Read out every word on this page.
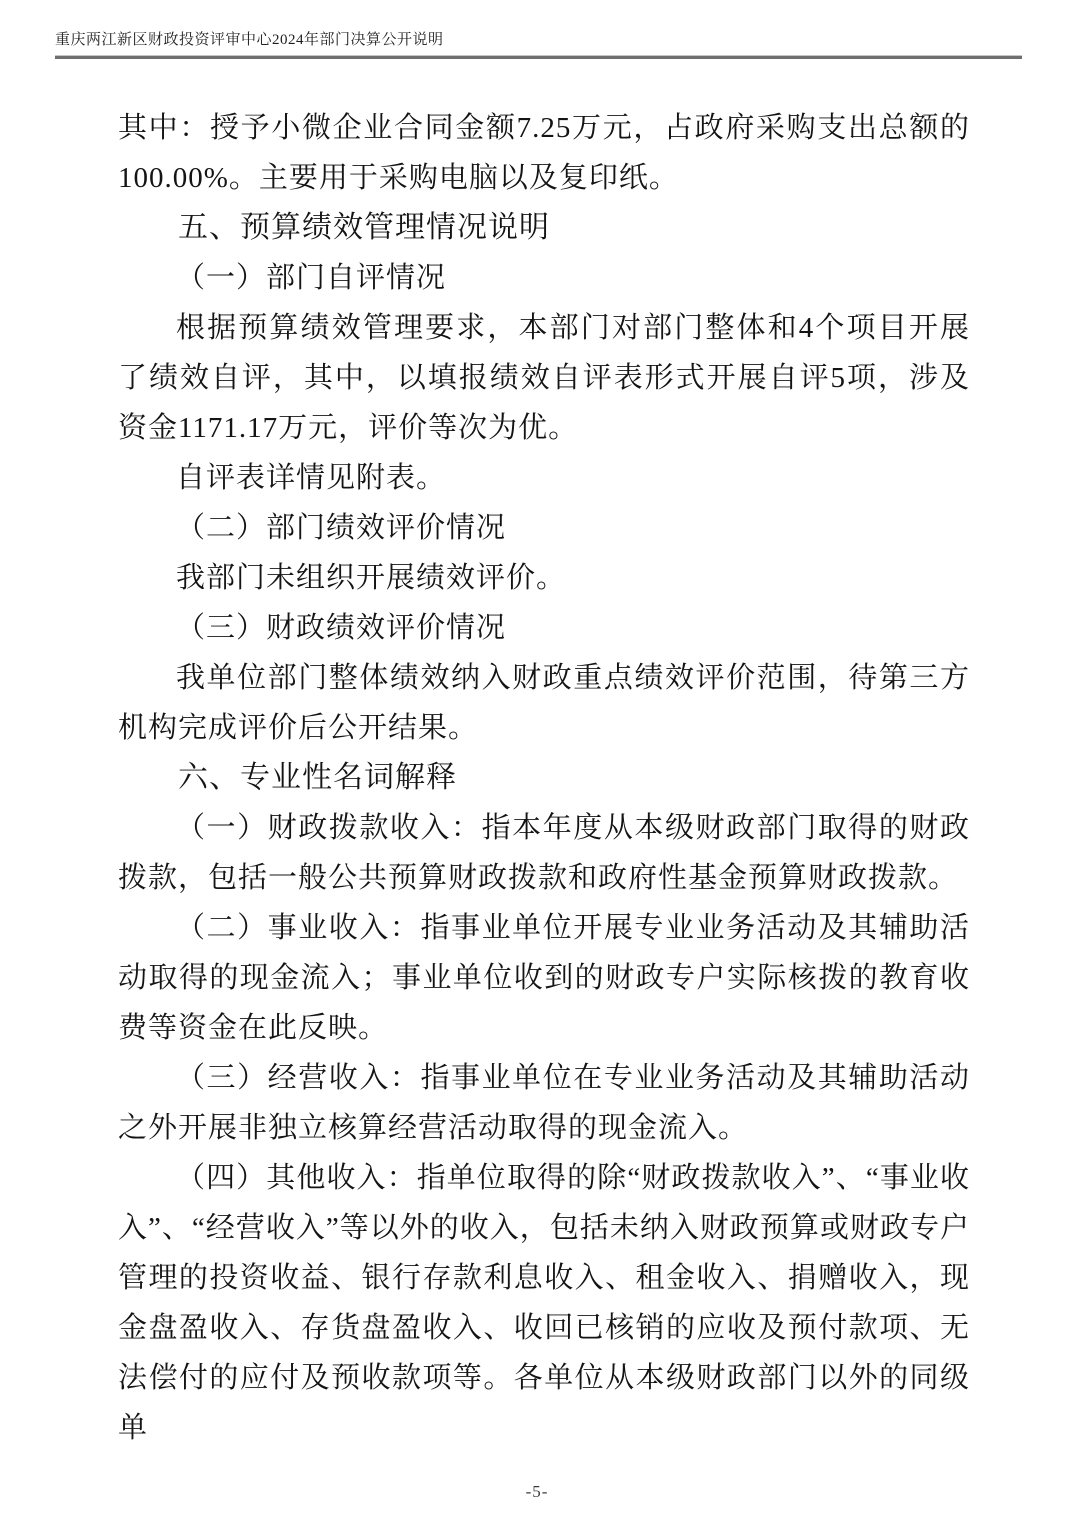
重庆两江新区财政投资评审中心2024年部门决算公开说明

其中：授予小微企业合同金额7.25万元，占政府采购支出总额的100.00%。主要用于采购电脑以及复印纸。

五、预算绩效管理情况说明

（一）部门自评情况

根据预算绩效管理要求，本部门对部门整体和4个项目开展了绩效自评，其中，以填报绩效自评表形式开展自评5项，涉及资金1171.17万元，评价等次为优。

自评表详情见附表。

（二）部门绩效评价情况

我部门未组织开展绩效评价。

（三）财政绩效评价情况

我单位部门整体绩效纳入财政重点绩效评价范围，待第三方机构完成评价后公开结果。

六、专业性名词解释

（一）财政拨款收入：指本年度从本级财政部门取得的财政拨款，包括一般公共预算财政拨款和政府性基金预算财政拨款。

（二）事业收入：指事业单位开展专业业务活动及其辅助活动取得的现金流入；事业单位收到的财政专户实际核拨的教育收费等资金在此反映。

（三）经营收入：指事业单位在专业业务活动及其辅助活动之外开展非独立核算经营活动取得的现金流入。

（四）其他收入：指单位取得的除“财政拨款收入”、“事业收入”、“经营收入”等以外的收入，包括未纳入财政预算或财政专户管理的投资收益、银行存款利息收入、租金收入、捐赠收入，现金盘盈收入、存货盘盈收入、收回已核销的应收及预付款项、无法偿付的应付及预收款项等。各单位从本级财政部门以外的同级单

-5-
